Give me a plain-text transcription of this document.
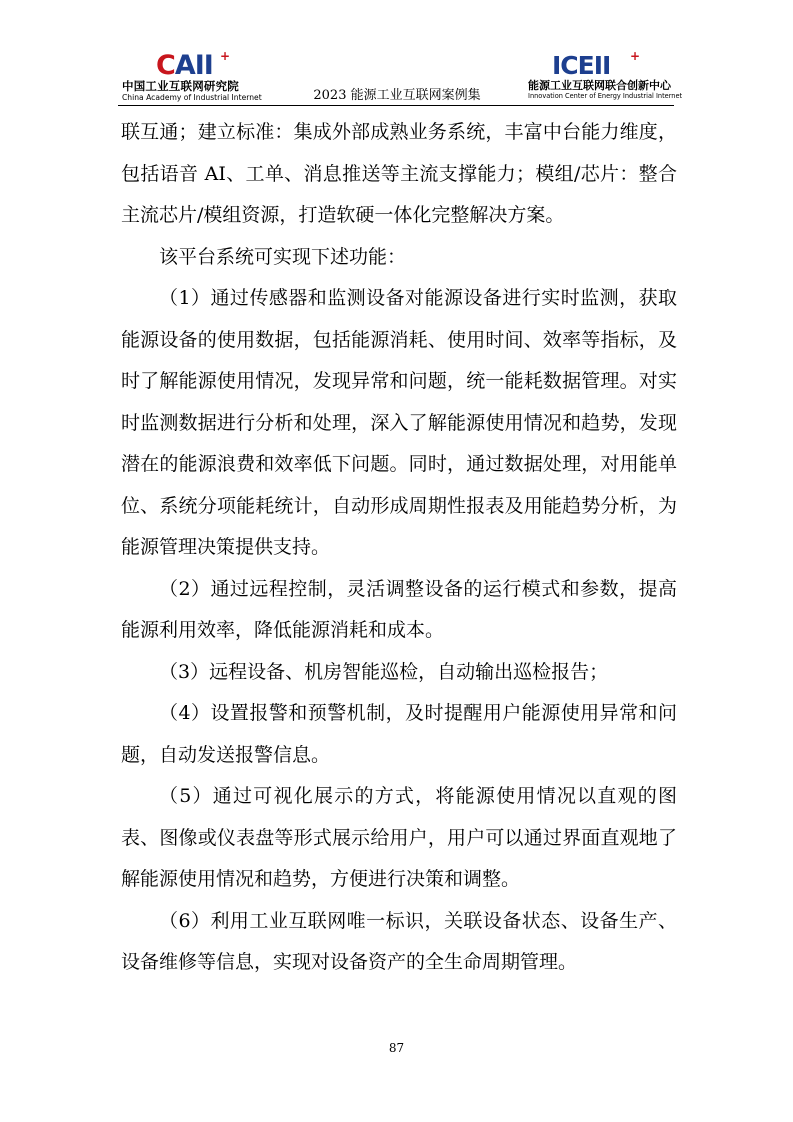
CAII +
中国工业互联网研究院
China Academy of Industrial Internet	2023 能源工业互联网案例集
ICEII +
能源工业互联网联合创新中心
Innovation Center of Energy Industrial Internet

联互通；建立标准：集成外部成熟业务系统，丰富中台能力维度，包括语音 AI、工单、消息推送等主流支撑能力；模组/芯片：整合主流芯片/模组资源，打造软硬一体化完整解决方案。

该平台系统可实现下述功能：

（1）通过传感器和监测设备对能源设备进行实时监测，获取能源设备的使用数据，包括能源消耗、使用时间、效率等指标，及时了解能源使用情况，发现异常和问题，统一能耗数据管理。对实时监测数据进行分析和处理，深入了解能源使用情况和趋势，发现潜在的能源浪费和效率低下问题。同时，通过数据处理，对用能单位、系统分项能耗统计，自动形成周期性报表及用能趋势分析，为能源管理决策提供支持。

（2）通过远程控制，灵活调整设备的运行模式和参数，提高能源利用效率，降低能源消耗和成本。

（3）远程设备、机房智能巡检，自动输出巡检报告；

（4）设置报警和预警机制，及时提醒用户能源使用异常和问题，自动发送报警信息。

（5）通过可视化展示的方式，将能源使用情况以直观的图表、图像或仪表盘等形式展示给用户，用户可以通过界面直观地了解能源使用情况和趋势，方便进行决策和调整。

（6）利用工业互联网唯一标识，关联设备状态、设备生产、设备维修等信息，实现对设备资产的全生命周期管理。

87
